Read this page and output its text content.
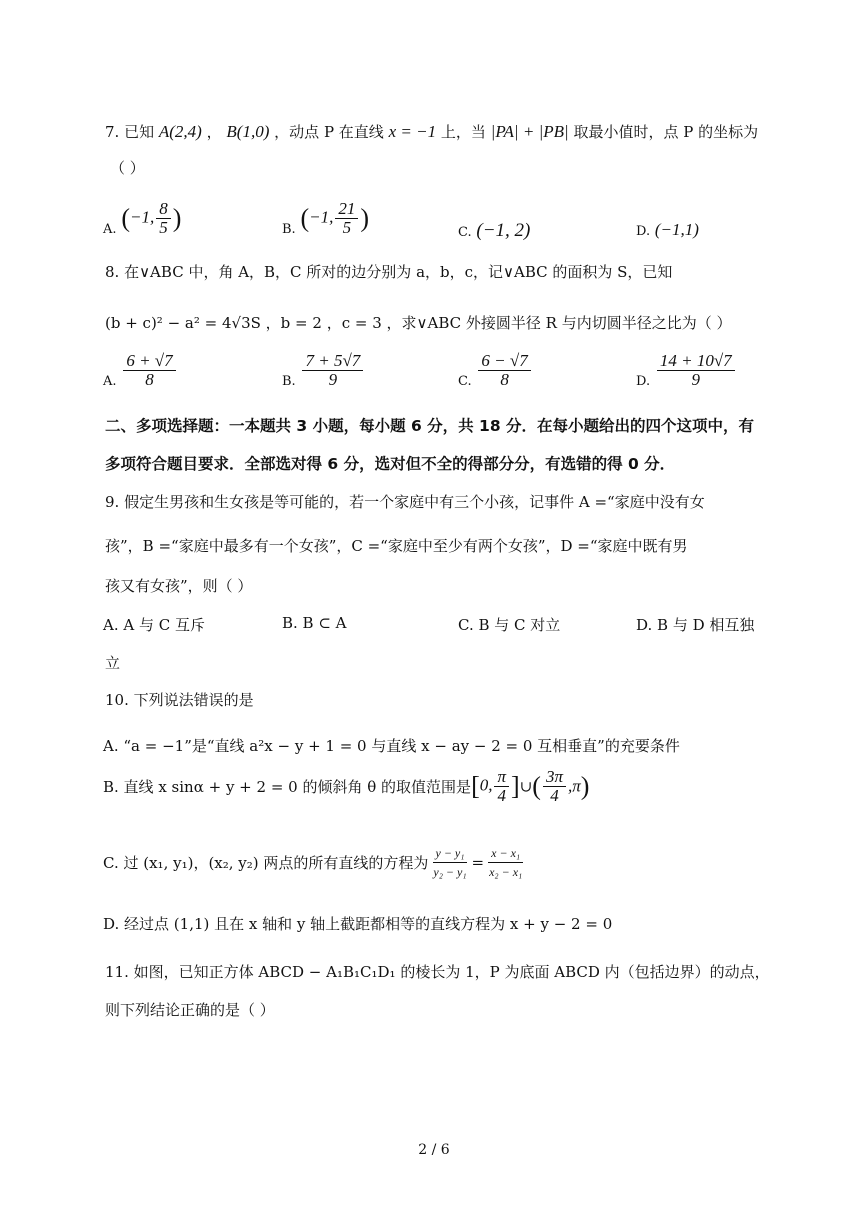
7. 已知 A(2,4) ， B(1,0) ，动点 P 在直线 x = −1 上，当 |PA| + |PB| 取最小值时，点 P 的坐标为
（ ）
A. (−1, $\frac{8}{5}$ )	B. (−1, $\frac{21}{5}$ )	C. (−1, 2)	D. (−1,1)
8. 在∨ABC 中，角 A，B，C 所对的边分别为 a，b，c，记∨ABC 的面积为 S，已知
(b + c)² − a² = 4√3S ，b = 2 ，c = 3 ，求∨ABC 外接圆半径 R 与内切圆半径之比为（ ）
A. $\frac{6 + √7}{8}$	B. $\frac{7 + 5√7}{9}$	C. $\frac{6 - √7}{8}$	D. $\frac{14 + 10√7}{9}$
二、多项选择题：一本题共 3 小题，每小题 6 分，共 18 分．在每小题给出的四个这项中，有
多项符合题目要求．全部选对得 6 分，选对但不全的得部分分，有选错的得 0 分．
9. 假定生男孩和生女孩是等可能的，若一个家庭中有三个小孩，记事件 A =“家庭中没有女
孩”，B =“家庭中最多有一个女孩”，C =“家庭中至少有两个女孩”，D =“家庭中既有男
孩又有女孩”，则（ ）
A. A 与 C 互斥	B. B ⊂ A	C. B 与 C 对立	D. B 与 D 相互独
立
10. 下列说法错误的是
A. “a = −1”是“直线 a²x − y + 1 = 0 与直线 x − ay − 2 = 0 互相垂直”的充要条件
B. 直线 x sinα + y + 2 = 0 的倾斜角 θ 的取值范围是[0, $\frac{\pi}{4}$ ]∪( $\frac{3\pi}{4} ,\pi$)
C. 过 (x₁, y₁)，(x₂, y₂) 两点的所有直线的方程为 $\frac{\text{y − y₁}}{\text{y₂ − y₁}} = \frac{\text{x − x₁}}{\text{x₂ − x₁}}$
D. 经过点 (1,1) 且在 x 轴和 y 轴上截距都相等的直线方程为 x + y − 2 = 0
11. 如图，已知正方体 ABCD − A₁B₁C₁D₁ 的棱长为 1，P 为底面 ABCD 内（包括边界）的动点，
则下列结论正确的是（ ）
2 / 6
